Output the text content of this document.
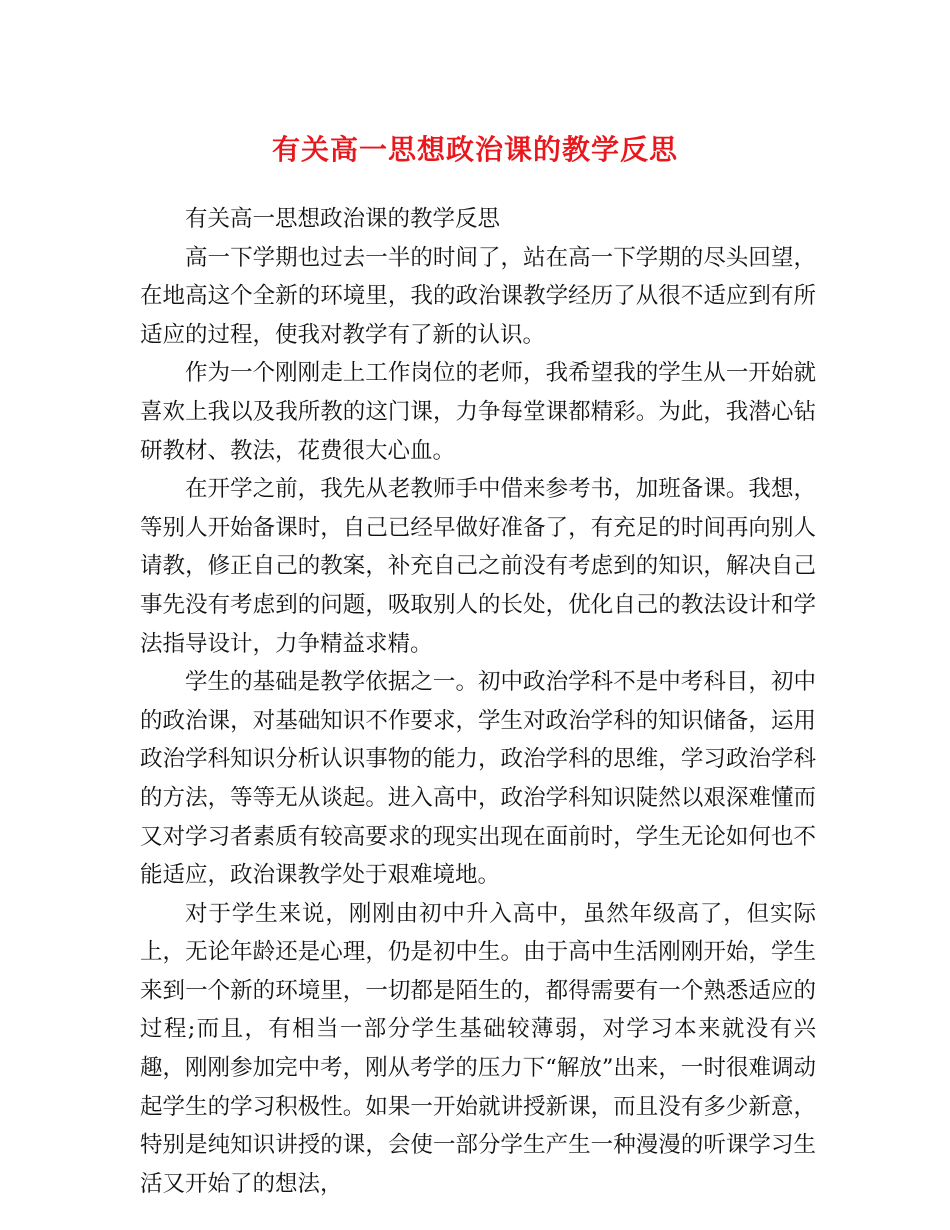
有关高一思想政治课的教学反思

有关高一思想政治课的教学反思

高一下学期也过去一半的时间了，站在高一下学期的尽头回望，在地高这个全新的环境里，我的政治课教学经历了从很不适应到有所适应的过程，使我对教学有了新的认识。

作为一个刚刚走上工作岗位的老师，我希望我的学生从一开始就喜欢上我以及我所教的这门课，力争每堂课都精彩。为此，我潜心钻研教材、教法，花费很大心血。

在开学之前，我先从老教师手中借来参考书，加班备课。我想，等别人开始备课时，自己已经早做好准备了，有充足的时间再向别人请教，修正自己的教案，补充自己之前没有考虑到的知识，解决自己事先没有考虑到的问题，吸取别人的长处，优化自己的教法设计和学法指导设计，力争精益求精。

学生的基础是教学依据之一。初中政治学科不是中考科目，初中的政治课，对基础知识不作要求，学生对政治学科的知识储备，运用政治学科知识分析认识事物的能力，政治学科的思维，学习政治学科的方法，等等无从谈起。进入高中，政治学科知识陡然以艰深难懂而又对学习者素质有较高要求的现实出现在面前时，学生无论如何也不能适应，政治课教学处于艰难境地。

对于学生来说，刚刚由初中升入高中，虽然年级高了，但实际上，无论年龄还是心理，仍是初中生。由于高中生活刚刚开始，学生来到一个新的环境里，一切都是陌生的，都得需要有一个熟悉适应的过程;而且，有相当一部分学生基础较薄弱，对学习本来就没有兴趣，刚刚参加完中考，刚从考学的压力下“解放”出来，一时很难调动起学生的学习积极性。如果一开始就讲授新课，而且没有多少新意，特别是纯知识讲授的课，会使一部分学生产生一种漫漫的听课学习生活又开始了的想法，
